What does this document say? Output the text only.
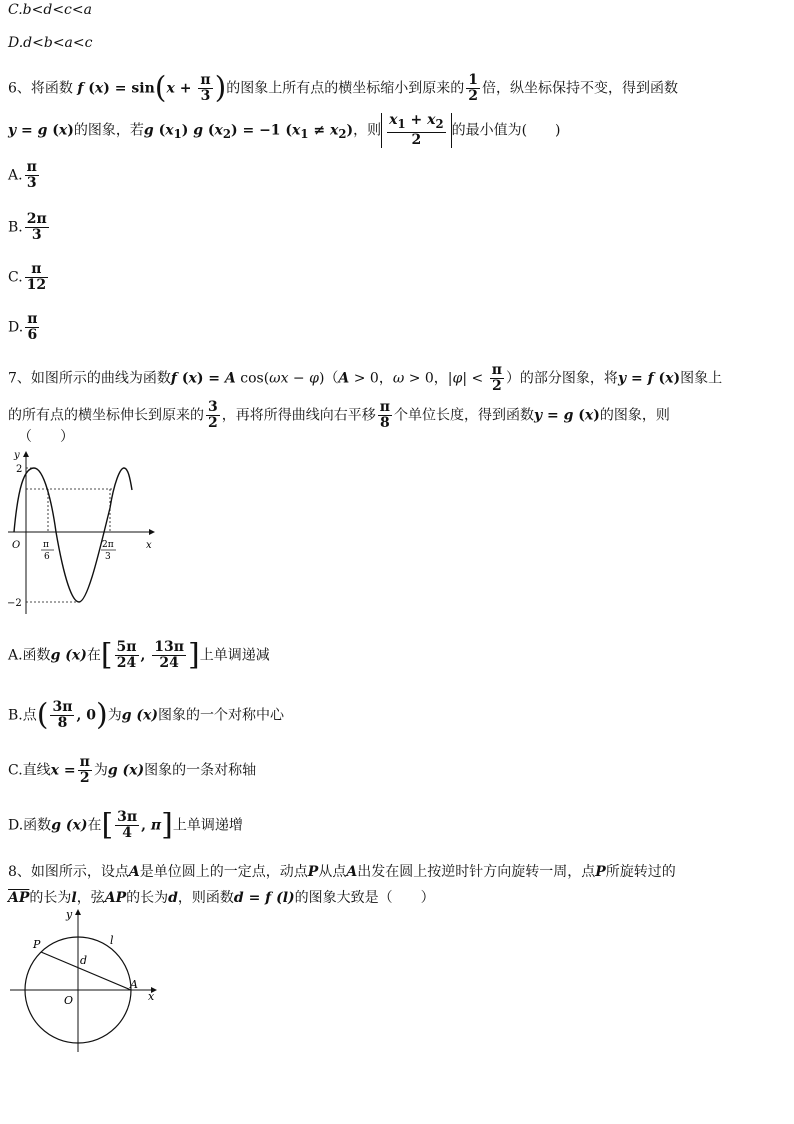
C.b<d<c<a
D.d<b<a<c
6、将函数 f $(x) = \sin(x + \frac{\pi}{3}$ )的图象上所有点的横坐标缩小到原来的 $\frac{1}{2}$ 倍，纵坐标保持不变，得到函数
y = g (x)的图象，若g $(x_1)$ g $(x_2) = -1$ $(x_1 \ne x_2)$，则 $\frac{x_1 + x_2}{2}$ 的最小值为(　　)
A. $\frac{\pi}{3}$
B. $\frac{2\pi}{3}$
C. $\frac{\pi}{12}$
D. $\frac{\pi}{6}$
7、如图所示的曲线为函数f (x) = A cos(ωx − φ)（A > 0，ω > 0，$|\varphi| < \frac{\pi}{2}$ ）的部分图象，将y = f (x)图象上
的所有点的横坐标伸长到原来的 $\frac{3}{2}$ ，再将所得曲线向右平移 $\frac{\pi}{8}$ 个单位长度，得到函数y = g (x)的图象，则
（　　）
y
x
O
2
−2
π
6
2π
3
A.函数g (x)在[ $\frac{5\pi}{24}$ , $\frac{13\pi}{24}$ ]上单调递减
B.点( $\frac{3\pi}{8}$ , 0)为g (x)图象的一个对称中心
C.直线$x = \frac{\pi}{2}$ 为g (x)图象的一条对称轴
D.函数g (x)在[ $\frac{3\pi}{4}$ , π]上单调递增
8、如图所示，设点A是单位圆上的一定点，动点P从点A出发在圆上按逆时针方向旋转一周，点P所旋转过的
$\overline{AP}$的长为l，弦AP的长为d，则函数d = f (l)的图象大致是（　　）
y
x
O
P
A
d
l
